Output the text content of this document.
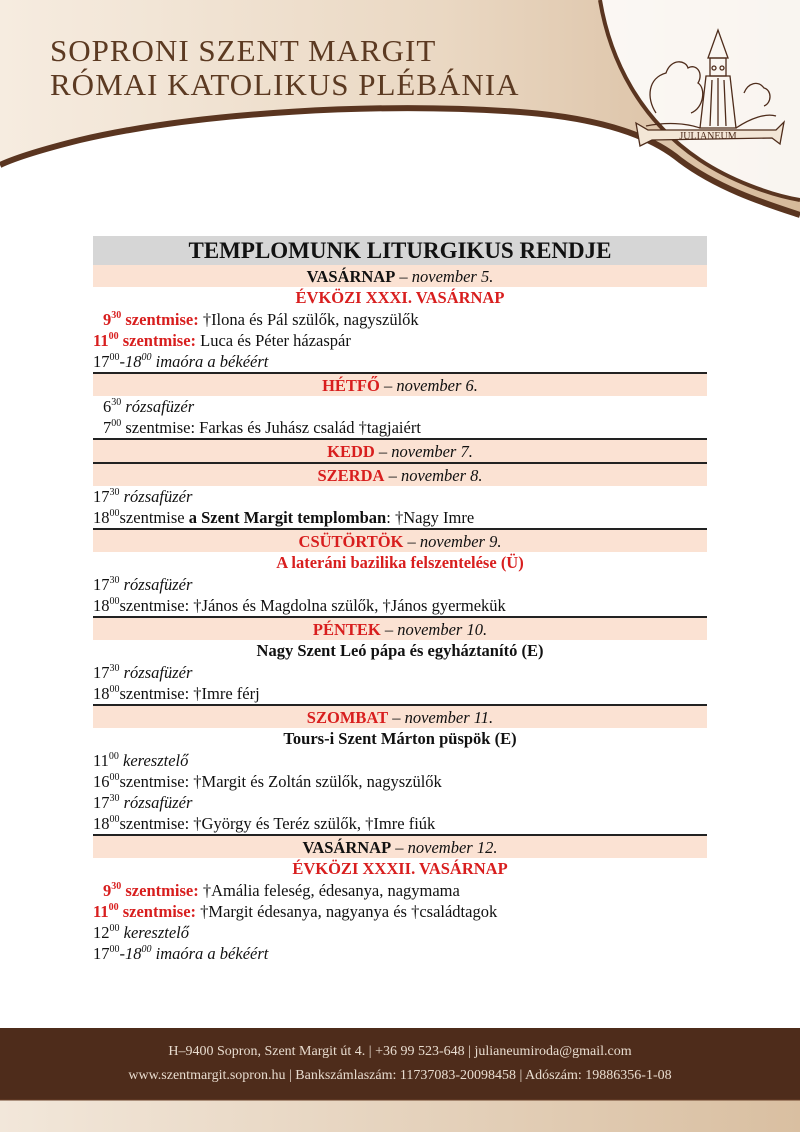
SOPRONI SZENT MARGIT
RÓMAI KATOLIKUS PLÉBÁNIA
JULIANEUM
TEMPLOMUNK LITURGIKUS RENDJE
VASÁRNAP – november 5.
ÉVKÖZI XXXI. VASÁRNAP
$9^{30}$ szentmise: †Ilona és Pál szülők, nagyszülők
$11^{00}$ szentmise: Luca és Péter házaspár
$17^{00}-18^{00}$ imaóra a békéért
HÉTFŐ – november 6.
$6^{30}$ rózsafüzér
$7^{00}$ szentmise: Farkas és Juhász család †tagjaiért
KEDD – november 7.
SZERDA – november 8.
$17^{30}$ rózsafüzér
$18^{00}szentmise$ a Szent Margit templomban: †Nagy Imre
CSÜTÖRTÖK – november 9.
A lateráni bazilika felszentelése (Ü)
$17^{30}$ rózsafüzér
$18^{00}szentmise$: †János és Magdolna szülők, †János gyermekük
PÉNTEK – november 10.
Nagy Szent Leó pápa és egyháztanító (E)
$17^{30}$ rózsafüzér
$18^{00}szentmise$: †Imre férj
SZOMBAT – november 11.
Tours-i Szent Márton püspök (E)
$11^{00}$ keresztelő
$16^{00}szentmise$: †Margit és Zoltán szülők, nagyszülők
$17^{30}$ rózsafüzér
$18^{00}szentmise$: †György és Teréz szülők, †Imre fiúk
VASÁRNAP – november 12.
ÉVKÖZI XXXII. VASÁRNAP
$9^{30}$ szentmise: †Amália feleség, édesanya, nagymama
$11^{00}$ szentmise: †Margit édesanya, nagyanya és †családtagok
$12^{00}$ keresztelő
$17^{00}-18^{00}$ imaóra a békéért
H–9400 Sopron, Szent Margit út 4. | +36 99 523-648 | julianeumiroda@gmail.com
www.szentmargit.sopron.hu | Bankszámlaszám: 11737083-20098458 | Adószám: 19886356-1-08
